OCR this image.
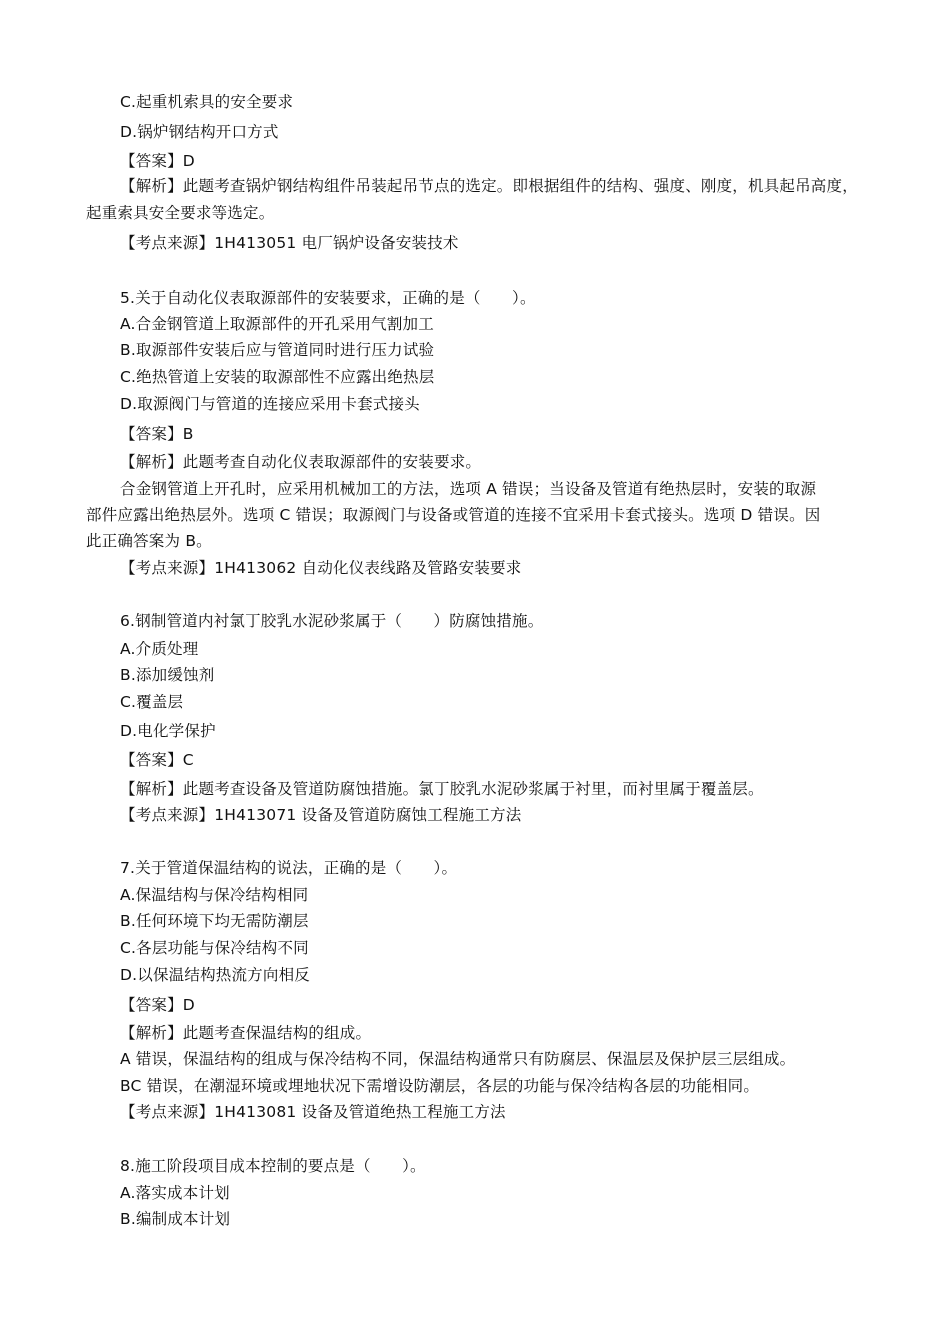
C.起重机索具的安全要求
D.锅炉钢结构开口方式
【答案】D
【解析】此题考查锅炉钢结构组件吊装起吊节点的选定。即根据组件的结构、强度、刚度，机具起吊高度，
起重索具安全要求等选定。
【考点来源】1H413051 电厂锅炉设备安装技术
5.关于自动化仪表取源部件的安装要求，正确的是（　　）。
A.合金钢管道上取源部件的开孔采用气割加工
B.取源部件安装后应与管道同时进行压力试验
C.绝热管道上安装的取源部性不应露出绝热层
D.取源阀门与管道的连接应采用卡套式接头
【答案】B
【解析】此题考查自动化仪表取源部件的安装要求。
合金钢管道上开孔时，应采用机械加工的方法，选项 A 错误；当设备及管道有绝热层时，安装的取源
部件应露出绝热层外。选项 C 错误；取源阀门与设备或管道的连接不宜采用卡套式接头。选项 D 错误。因
此正确答案为 B。
【考点来源】1H413062 自动化仪表线路及管路安装要求
6.钢制管道内衬氯丁胶乳水泥砂浆属于（　　）防腐蚀措施。
A.介质处理
B.添加缓蚀剂
C.覆盖层
D.电化学保护
【答案】C
【解析】此题考查设备及管道防腐蚀措施。氯丁胶乳水泥砂浆属于衬里，而衬里属于覆盖层。
【考点来源】1H413071 设备及管道防腐蚀工程施工方法
7.关于管道保温结构的说法，正确的是（　　）。
A.保温结构与保冷结构相同
B.任何环境下均无需防潮层
C.各层功能与保冷结构不同
D.以保温结构热流方向相反
【答案】D
【解析】此题考查保温结构的组成。
A 错误，保温结构的组成与保冷结构不同，保温结构通常只有防腐层、保温层及保护层三层组成。
BC 错误，在潮湿环境或埋地状况下需增设防潮层，各层的功能与保冷结构各层的功能相同。
【考点来源】1H413081 设备及管道绝热工程施工方法
8.施工阶段项目成本控制的要点是（　　）。
A.落实成本计划
B.编制成本计划
